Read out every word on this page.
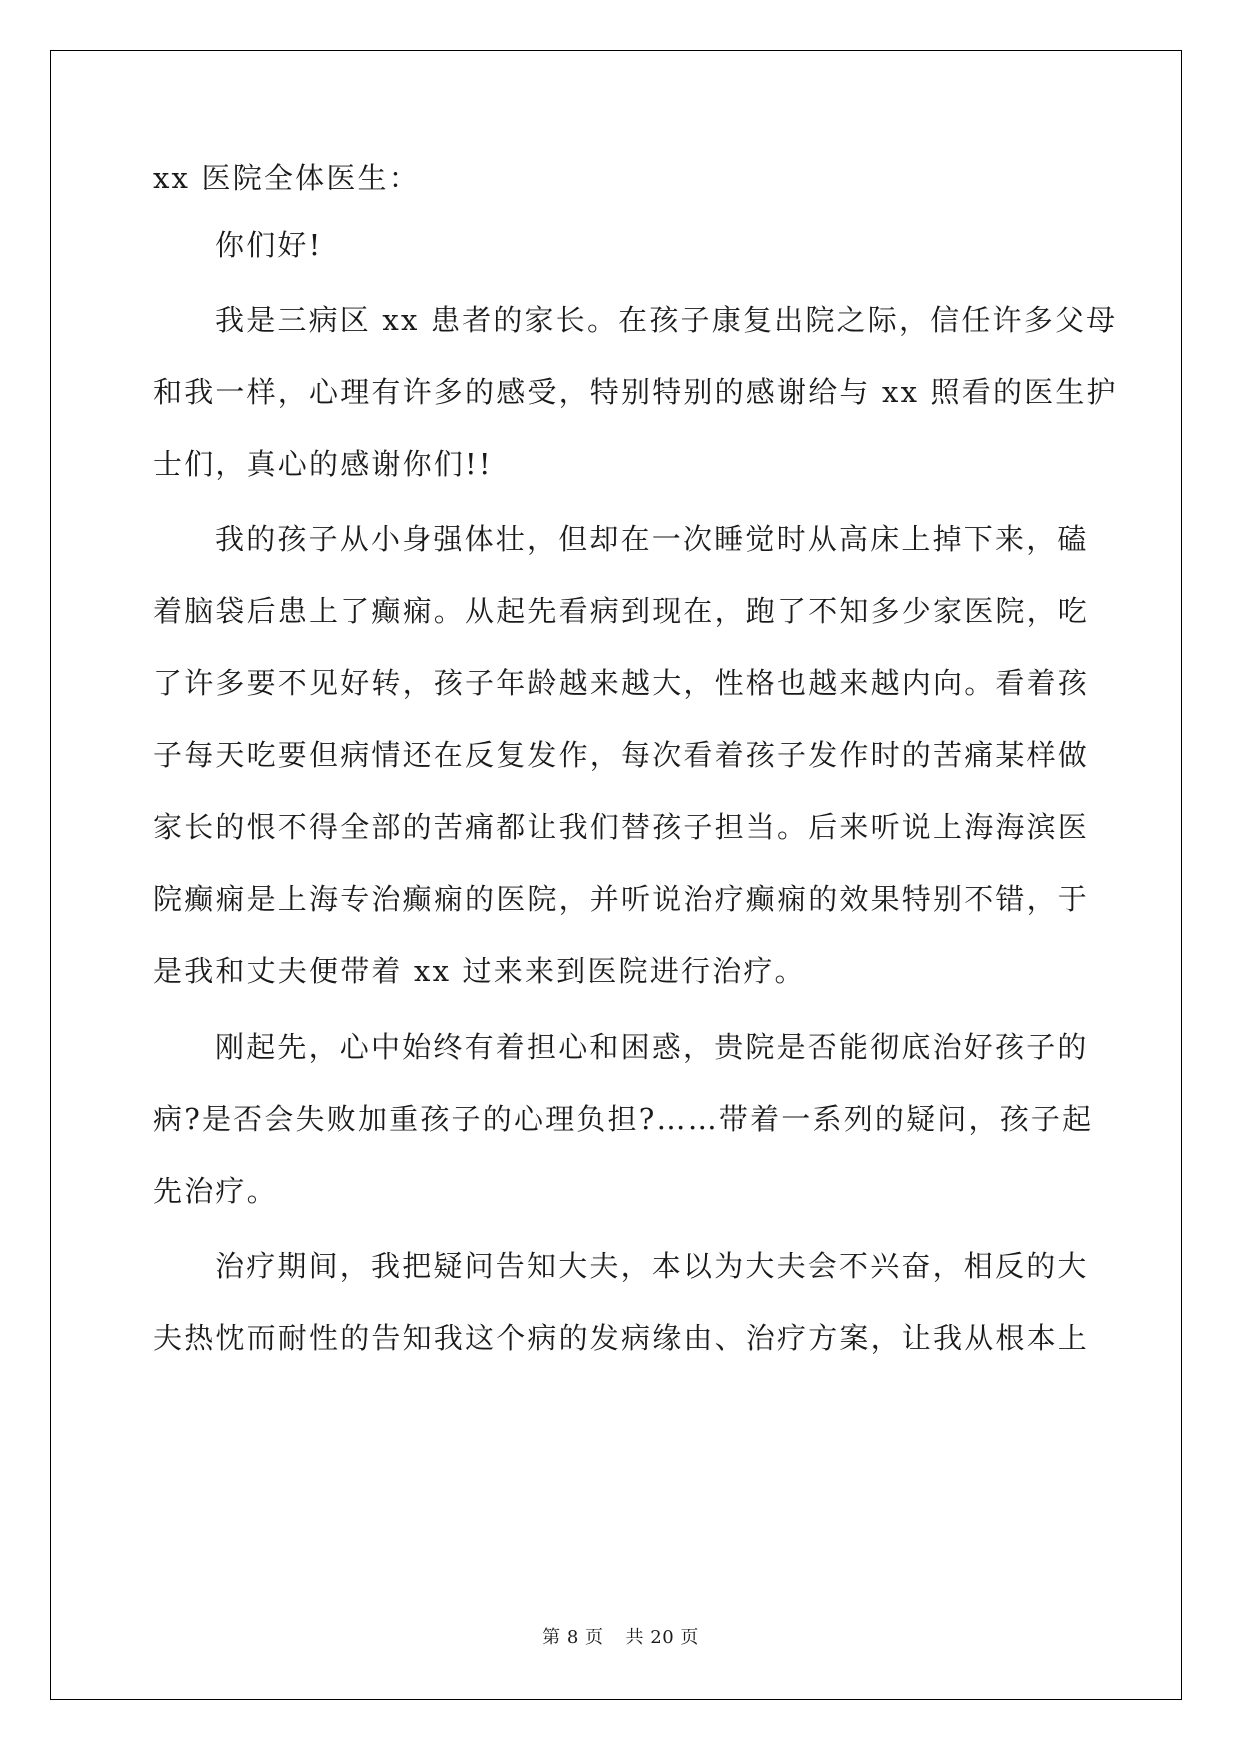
xx 医院全体医生：
你们好!
我是三病区 xx 患者的家长。在孩子康复出院之际，信任许多父母
和我一样，心理有许多的感受，特别特别的感谢给与 xx 照看的医生护
士们，真心的感谢你们!!
我的孩子从小身强体壮，但却在一次睡觉时从高床上掉下来，磕
着脑袋后患上了癫痫。从起先看病到现在，跑了不知多少家医院，吃
了许多要不见好转，孩子年龄越来越大，性格也越来越内向。看着孩
子每天吃要但病情还在反复发作，每次看着孩子发作时的苦痛某样做
家长的恨不得全部的苦痛都让我们替孩子担当。后来听说上海海滨医
院癫痫是上海专治癫痫的医院，并听说治疗癫痫的效果特别不错，于
是我和丈夫便带着 xx 过来来到医院进行治疗。
刚起先，心中始终有着担心和困惑，贵院是否能彻底治好孩子的
病?是否会失败加重孩子的心理负担?……带着一系列的疑问，孩子起
先治疗。
治疗期间，我把疑问告知大夫，本以为大夫会不兴奋，相反的大
夫热忱而耐性的告知我这个病的发病缘由、治疗方案，让我从根本上
第 8 页 共 20 页
